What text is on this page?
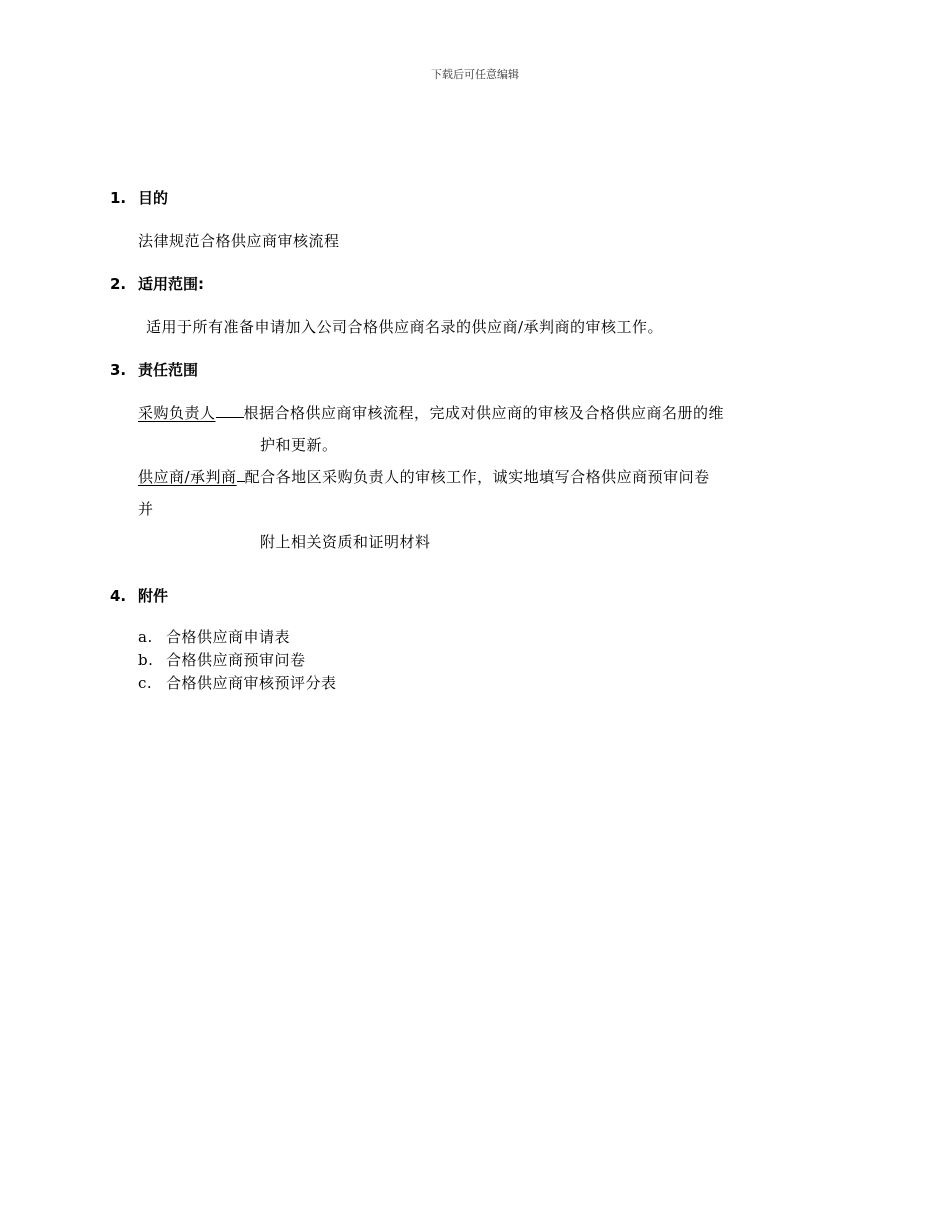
下载后可任意编辑
1. 目的
法律规范合格供应商审核流程
2. 适用范围:
适用于所有准备申请加入公司合格供应商名录的供应商/承判商的审核工作。
3. 责任范围
采购负责人 根据合格供应商审核流程，完成对供应商的审核及合格供应商名册的维
护和更新。
供应商/承判商 配合各地区采购负责人的审核工作，诚实地填写合格供应商预审问卷
并
附上相关资质和证明材料
4. 附件
a. 合格供应商申请表
b. 合格供应商预审问卷
c. 合格供应商审核预评分表
